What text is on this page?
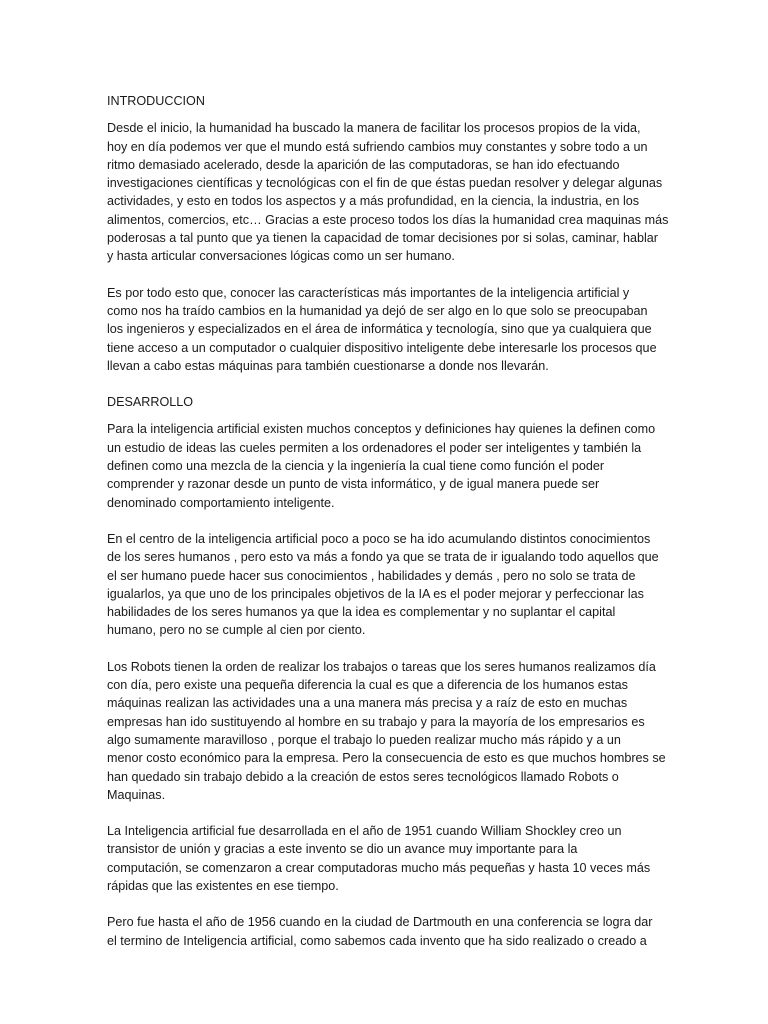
INTRODUCCION
Desde el inicio, la humanidad ha buscado la manera de facilitar los procesos propios de la vida,
hoy en día podemos ver que el mundo está sufriendo cambios muy constantes y sobre todo a un
ritmo demasiado acelerado, desde la aparición de las computadoras, se han ido efectuando
investigaciones científicas y tecnológicas con el fin de que éstas puedan resolver y delegar algunas
actividades, y esto en todos los aspectos y a más profundidad, en la ciencia, la industria, en los
alimentos, comercios, etc… Gracias a este proceso todos los días la humanidad crea maquinas más
poderosas a tal punto que ya tienen la capacidad de tomar decisiones por si solas, caminar, hablar
y hasta articular conversaciones lógicas como un ser humano.
Es por todo esto que, conocer las características más importantes de la inteligencia artificial y
como nos ha traído cambios en la humanidad ya dejó de ser algo en lo que solo se preocupaban
los ingenieros y especializados en el área de informática y tecnología, sino que ya cualquiera que
tiene acceso a un computador o cualquier dispositivo inteligente debe interesarle los procesos que
llevan a cabo estas máquinas para también cuestionarse a donde nos llevarán.
DESARROLLO
Para la inteligencia artificial existen muchos conceptos y definiciones hay quienes la definen como
un estudio de ideas las cueles permiten a los ordenadores el poder ser inteligentes y también la
definen como una mezcla de la ciencia y la ingeniería la cual tiene como función el poder
comprender y razonar desde un punto de vista informático, y de igual manera puede ser
denominado comportamiento inteligente.
En el centro de la inteligencia artificial poco a poco se ha ido acumulando distintos conocimientos
de los seres humanos , pero esto va más a fondo ya que se trata de ir igualando todo aquellos que
el ser humano puede hacer sus conocimientos , habilidades y demás , pero no solo se trata de
igualarlos, ya que uno de los principales objetivos de la IA es el poder mejorar y perfeccionar las
habilidades de los seres humanos ya que la idea es complementar y no suplantar el capital
humano, pero no se cumple al cien por ciento.
Los Robots tienen la orden de realizar los trabajos o tareas que los seres humanos realizamos día
con día, pero existe una pequeña diferencia la cual es que a diferencia de los humanos estas
máquinas realizan las actividades una a una manera más precisa y a raíz de esto en muchas
empresas han ido sustituyendo al hombre en su trabajo y para la mayoría de los empresarios es
algo sumamente maravilloso , porque el trabajo lo pueden realizar mucho más rápido y a un
menor costo económico para la empresa. Pero la consecuencia de esto es que muchos hombres se
han quedado sin trabajo debido a la creación de estos seres tecnológicos llamado Robots o
Maquinas.
La Inteligencia artificial fue desarrollada en el año de 1951 cuando William Shockley creo un
transistor de unión y gracias a este invento se dio un avance muy importante para la
computación, se comenzaron a crear computadoras mucho más pequeñas y hasta 10 veces más
rápidas que las existentes en ese tiempo.
Pero fue hasta el año de 1956 cuando en la ciudad de Dartmouth en una conferencia se logra dar
el termino de Inteligencia artificial, como sabemos cada invento que ha sido realizado o creado a
